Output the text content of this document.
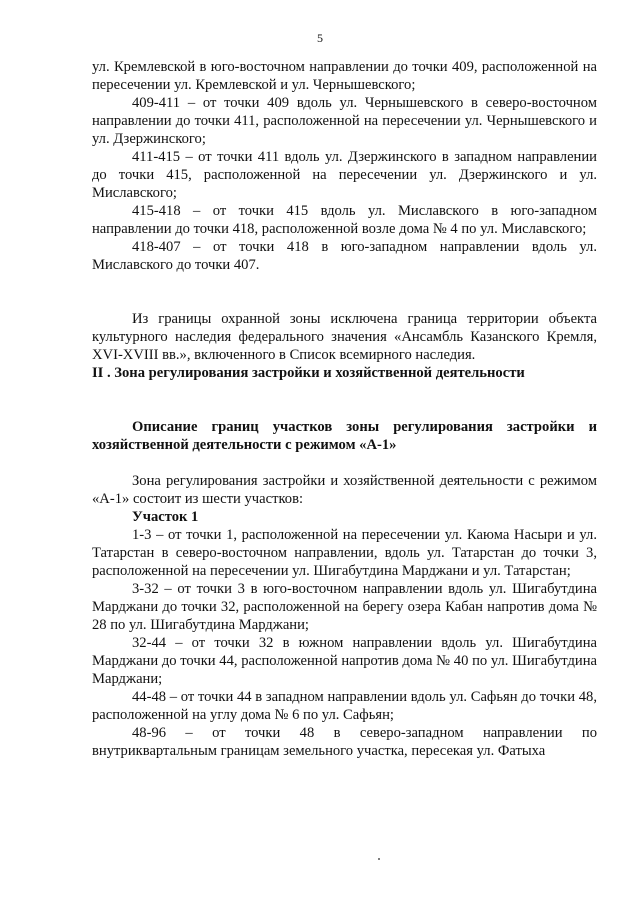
5

ул. Кремлевской в юго-восточном направлении до точки 409, расположенной на пересечении ул. Кремлевской и ул. Чернышевского;

409-411 – от точки 409 вдоль ул. Чернышевского в северо-восточном направлении до точки 411, расположенной на пересечении ул. Чернышевского и ул. Дзержинского;

411-415 – от точки 411 вдоль ул. Дзержинского в западном направлении до точки 415, расположенной на пересечении ул. Дзержинского и ул. Миславского;

415-418 – от точки 415 вдоль ул. Миславского в юго-западном направлении до точки 418, расположенной возле дома № 4 по ул. Миславского;

418-407 – от точки 418 в юго-западном направлении вдоль ул. Миславского до точки 407.

Из границы охранной зоны исключена граница территории объекта культурного наследия федерального значения «Ансамбль Казанского Кремля, XVI-XVIII вв.», включенного в Список всемирного наследия.

II . Зона регулирования застройки и хозяйственной деятельности

Описание границ участков зоны регулирования застройки и хозяйственной деятельности с режимом «А-1»

Зона регулирования застройки и хозяйственной деятельности с режимом «А-1» состоит из шести участков:

Участок 1

1-3 – от точки 1, расположенной на пересечении ул. Каюма Насыри и ул. Татарстан в северо-восточном направлении, вдоль ул. Татарстан до точки 3, расположенной на пересечении ул. Шигабутдина Марджани и ул. Татарстан;

3-32 – от точки 3 в юго-восточном направлении вдоль ул. Шигабутдина Марджани до точки 32, расположенной на берегу озера Кабан напротив дома № 28 по ул. Шигабутдина Марджани;

32-44 – от точки 32 в южном направлении вдоль ул. Шигабутдина Марджани до точки 44, расположенной напротив дома № 40 по ул. Шигабутдина Марджани;

44-48 – от точки 44 в западном направлении вдоль ул. Сафьян до точки 48, расположенной на углу дома № 6 по ул. Сафьян;

48-96 – от точки 48 в северо-западном направлении по внутриквартальным границам земельного участка, пересекая ул. Фатыха
